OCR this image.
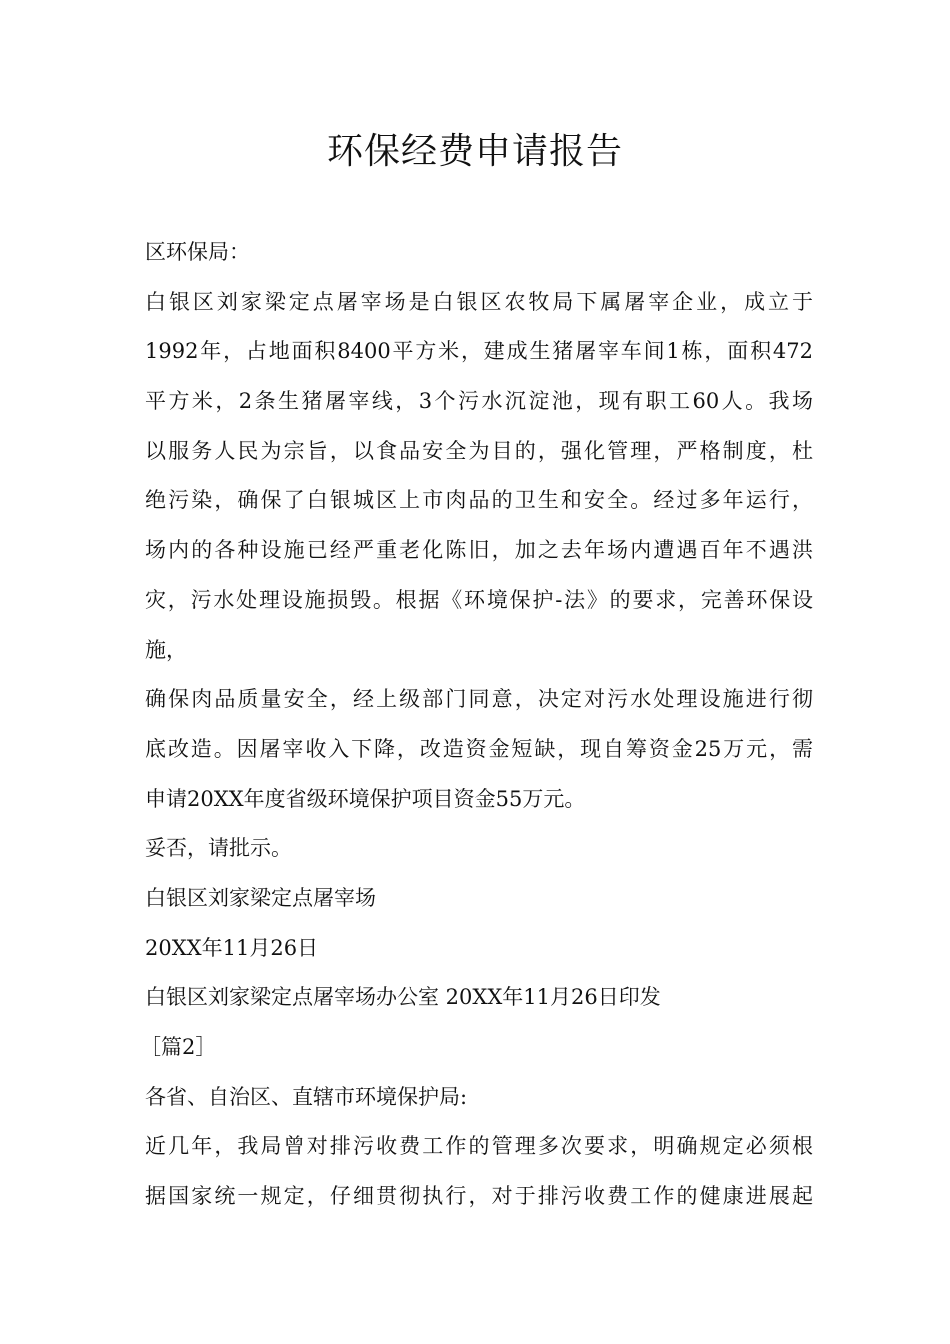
环保经费申请报告
区环保局：
白银区刘家梁定点屠宰场是白银区农牧局下属屠宰企业，成立于
1992年，占地面积8400平方米，建成生猪屠宰车间1栋，面积472
平方米，2条生猪屠宰线，3个污水沉淀池，现有职工60人。我场
以服务人民为宗旨，以食品安全为目的，强化管理，严格制度，杜
绝污染，确保了白银城区上市肉品的卫生和安全。经过多年运行，
场内的各种设施已经严重老化陈旧，加之去年场内遭遇百年不遇洪
灾，污水处理设施损毁。根据《环境保护-法》的要求，完善环保设
施，
确保肉品质量安全，经上级部门同意，决定对污水处理设施进行彻
底改造。因屠宰收入下降，改造资金短缺，现自筹资金25万元，需
申请20XX年度省级环境保护项目资金55万元。
妥否，请批示。
白银区刘家梁定点屠宰场
20XX年11月26日
白银区刘家梁定点屠宰场办公室 20XX年11月26日印发
［篇2］
各省、自治区、直辖市环境保护局:
近几年，我局曾对排污收费工作的管理多次要求，明确规定必须根
据国家统一规定，仔细贯彻执行，对于排污收费工作的健康进展起
